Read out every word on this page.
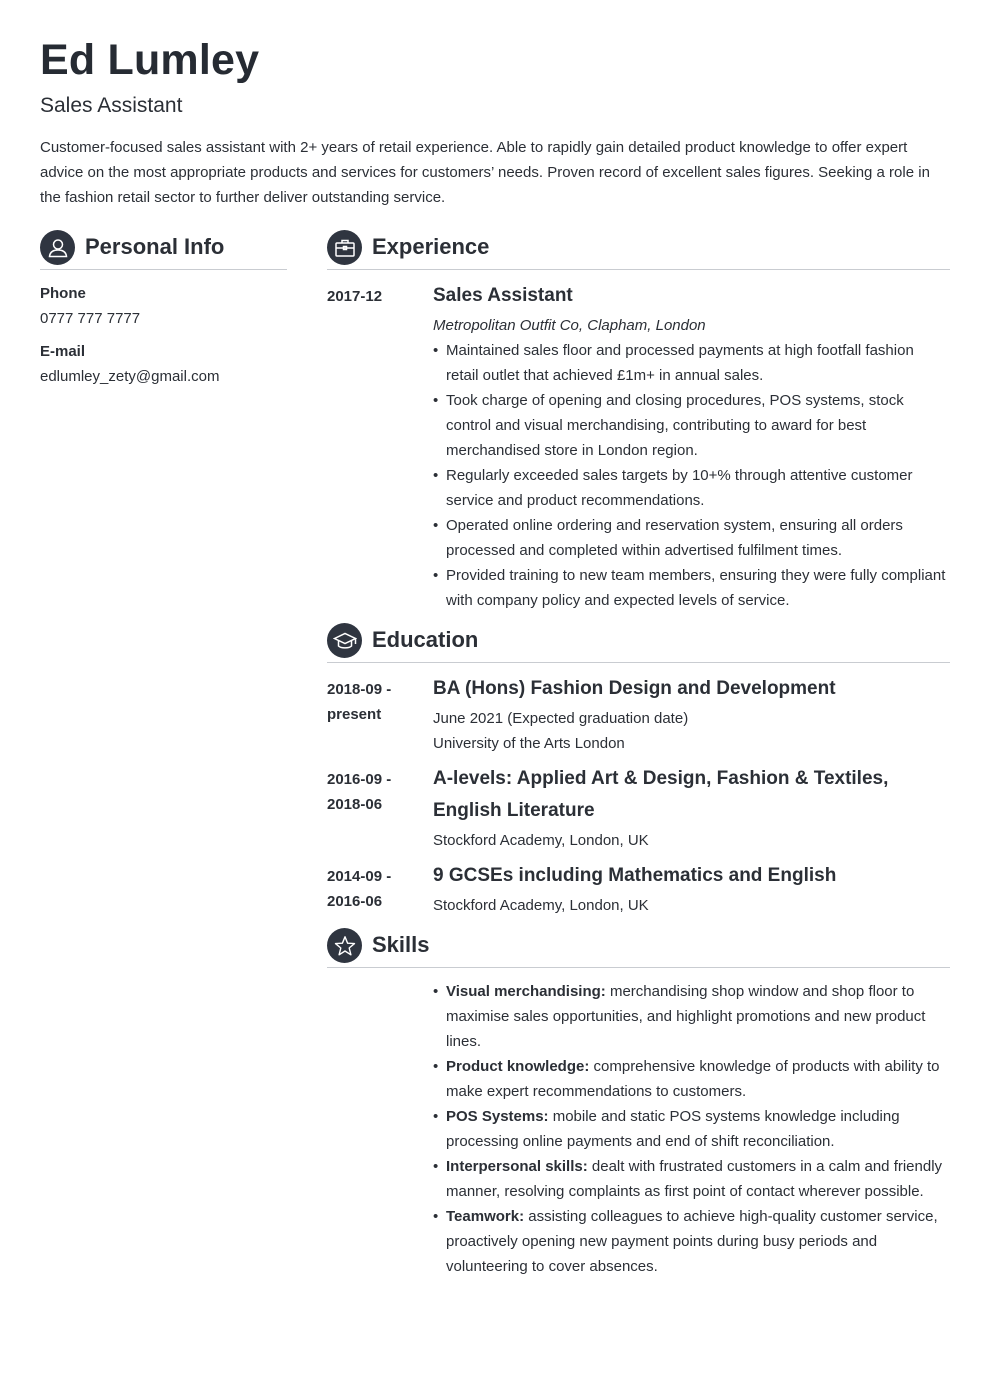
Ed Lumley
Sales Assistant

Customer-focused sales assistant with 2+ years of retail experience. Able to rapidly gain detailed product knowledge to offer expert advice on the most appropriate products and services for customers’ needs. Proven record of excellent sales figures. Seeking a role in the fashion retail sector to further deliver outstanding service.

Personal Info
Phone
0777 777 7777
E-mail
edlumley_zety@gmail.com
Experience
2017-12	Sales Assistant
Metropolitan Outfit Co, Clapham, London
• Maintained sales floor and processed payments at high footfall fashion retail outlet that achieved £1m+ in annual sales.
• Took charge of opening and closing procedures, POS systems, stock control and visual merchandising, contributing to award for best merchandised store in London region.
• Regularly exceeded sales targets by 10+% through attentive customer service and product recommendations.
• Operated online ordering and reservation system, ensuring all orders processed and completed within advertised fulfilment times.
• Provided training to new team members, ensuring they were fully compliant with company policy and expected levels of service.
Education
2018-09 -
present
BA (Hons) Fashion Design and Development
June 2021 (Expected graduation date)
University of the Arts London
2016-09 -
2018-06
A-levels: Applied Art & Design, Fashion & Textiles, English Literature
Stockford Academy, London, UK
2014-09 -
2016-06
9 GCSEs including Mathematics and English
Stockford Academy, London, UK
Skills
• Visual merchandising: merchandising shop window and shop floor to maximise sales opportunities, and highlight promotions and new product lines.
• Product knowledge: comprehensive knowledge of products with ability to make expert recommendations to customers.
• POS Systems: mobile and static POS systems knowledge including processing online payments and end of shift reconciliation.
• Interpersonal skills: dealt with frustrated customers in a calm and friendly manner, resolving complaints as first point of contact wherever possible.
• Teamwork: assisting colleagues to achieve high-quality customer service, proactively opening new payment points during busy periods and volunteering to cover absences.
